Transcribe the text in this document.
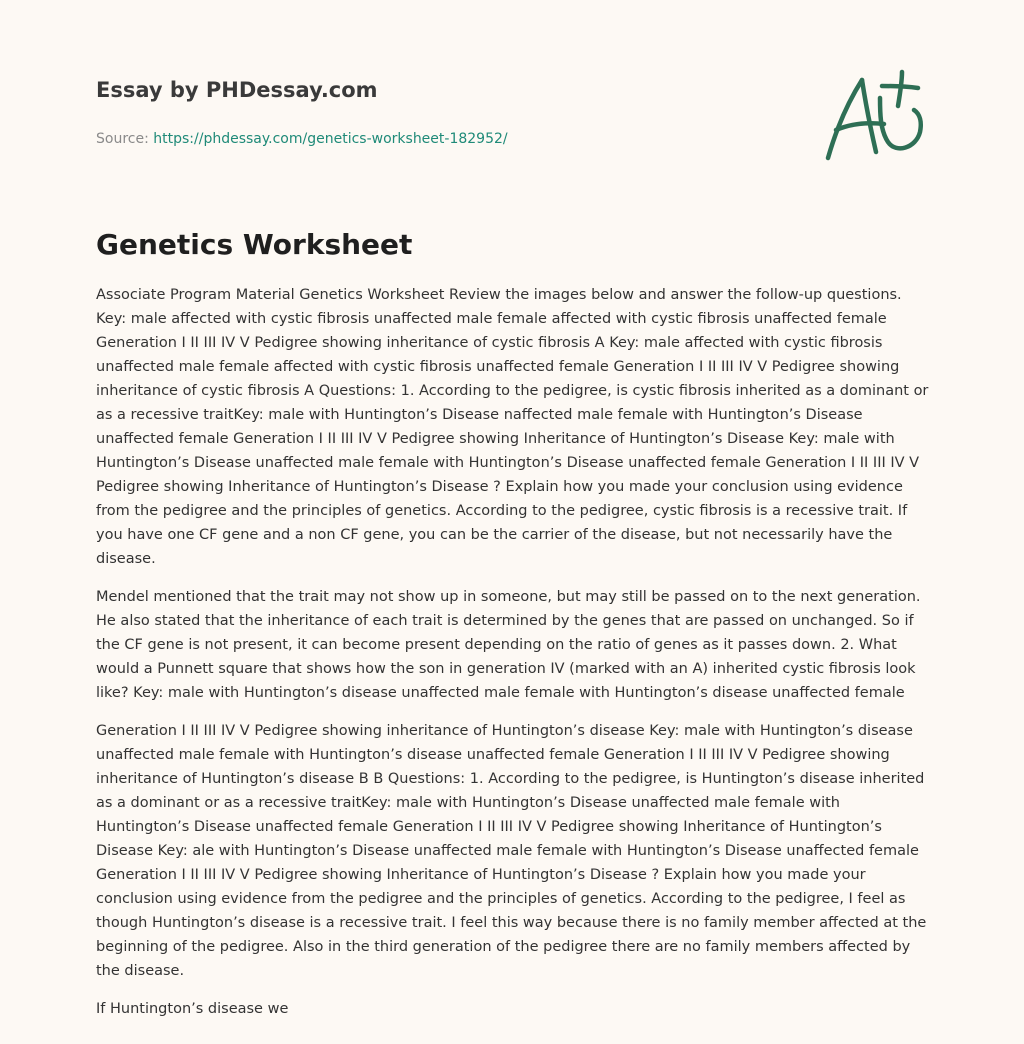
Essay by PHDessay.com
Source: https://phdessay.com/genetics-worksheet-182952/
Genetics Worksheet

Associate Program Material Genetics Worksheet Review the images below and answer the follow-up questions. Key: male affected with cystic fibrosis unaffected male female affected with cystic fibrosis unaffected female Generation I II III IV V Pedigree showing inheritance of cystic fibrosis A Key: male affected with cystic fibrosis unaffected male female affected with cystic fibrosis unaffected female Generation I II III IV V Pedigree showing inheritance of cystic fibrosis A Questions: 1. According to the pedigree, is cystic fibrosis inherited as a dominant or as a recessive traitKey: male with Huntington’s Disease naffected male female with Huntington’s Disease unaffected female Generation I II III IV V Pedigree showing Inheritance of Huntington’s Disease Key: male with Huntington’s Disease unaffected male female with Huntington’s Disease unaffected female Generation I II III IV V Pedigree showing Inheritance of Huntington’s Disease ? Explain how you made your conclusion using evidence from the pedigree and the principles of genetics. According to the pedigree, cystic fibrosis is a recessive trait. If you have one CF gene and a non CF gene, you can be the carrier of the disease, but not necessarily have the disease.

Mendel mentioned that the trait may not show up in someone, but may still be passed on to the next generation. He also stated that the inheritance of each trait is determined by the genes that are passed on unchanged. So if the CF gene is not present, it can become present depending on the ratio of genes as it passes down. 2. What would a Punnett square that shows how the son in generation IV (marked with an A) inherited cystic fibrosis look like? Key: male with Huntington’s disease unaffected male female with Huntington’s disease unaffected female

Generation I II III IV V Pedigree showing inheritance of Huntington’s disease Key: male with Huntington’s disease unaffected male female with Huntington’s disease unaffected female Generation I II III IV V Pedigree showing inheritance of Huntington’s disease B B Questions: 1. According to the pedigree, is Huntington’s disease inherited as a dominant or as a recessive traitKey: male with Huntington’s Disease unaffected male female with Huntington’s Disease unaffected female Generation I II III IV V Pedigree showing Inheritance of Huntington’s Disease Key: ale with Huntington’s Disease unaffected male female with Huntington’s Disease unaffected female Generation I II III IV V Pedigree showing Inheritance of Huntington’s Disease ? Explain how you made your conclusion using evidence from the pedigree and the principles of genetics. According to the pedigree, I feel as though Huntington’s disease is a recessive trait. I feel this way because there is no family member affected at the beginning of the pedigree. Also in the third generation of the pedigree there are no family members affected by the disease.

If Huntington’s disease we
